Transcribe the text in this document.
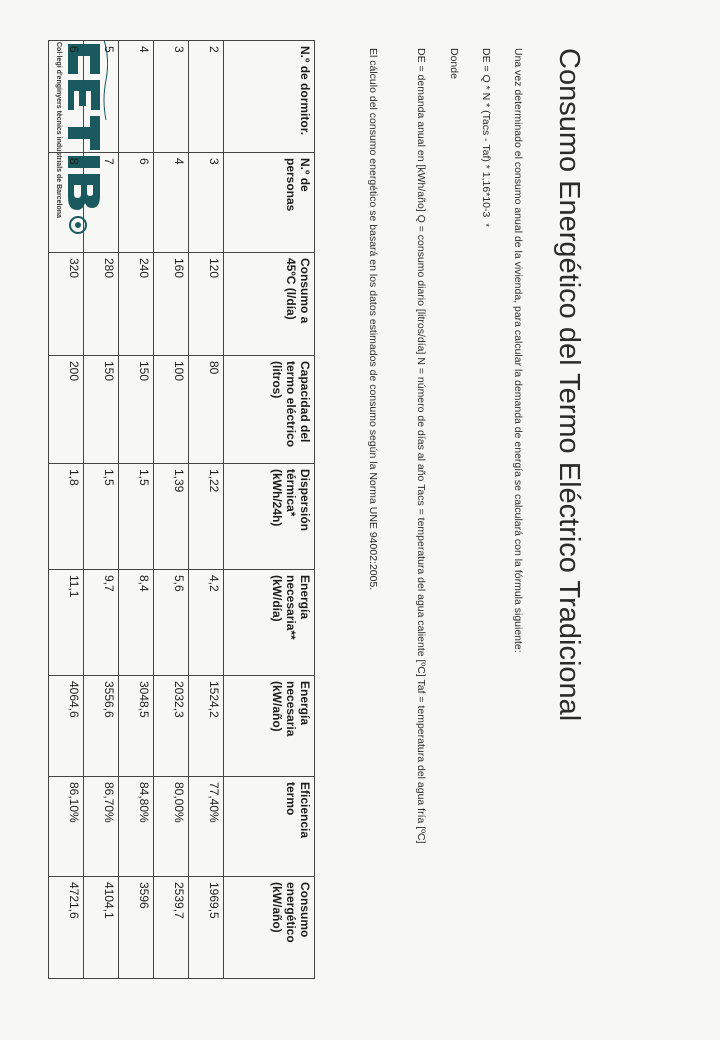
Col·legi d'enginyers tècnics industrials de Barcelona	Consumo Energético del Termo Eléctrico Tradicional

Una vez determinado el consumo anual de la vivienda, para calcular la demanda de energía se calculará con la fórmula siguiente:

DE = Q * N * (Tacs - Taf) * 1,16*10-3*

Donde

DE = demanda anual en [kWh/año] Q = consumo diario [litros/día] N = número de días al año Tacs = temperatura del agua caliente [ºC] Taf = temperatura del agua fría [ºC]

El cálculo del consumo energético se basará en los datos estimados de consumo según la Norma UNE 94002:2005.

N.º de dormitor.	N.º de personas	Consumo a 45ºC (l/día)	Capacidad del termo eléctrico (litros)	Dispersión térmica* (kWh/24h)	Energía necesaria** (kW/día)	Energía necesaria (kW/año)	Eficiencia termo	Consumo energético (kW/año)
2	3	120	80	1,22	4,2	1524,2	77,40%	1969,5
3	4	160	100	1,39	5,6	2032,3	80,00%	2539,7
4	6	240	150	1,5	8,4	3048,5	84,80%	3596
5	7	280	150	1,5	9,7	3556,6	86,70%	4104,1
6	8	320	200	1,8	11,1	4064,6	86,10%	4721,6
